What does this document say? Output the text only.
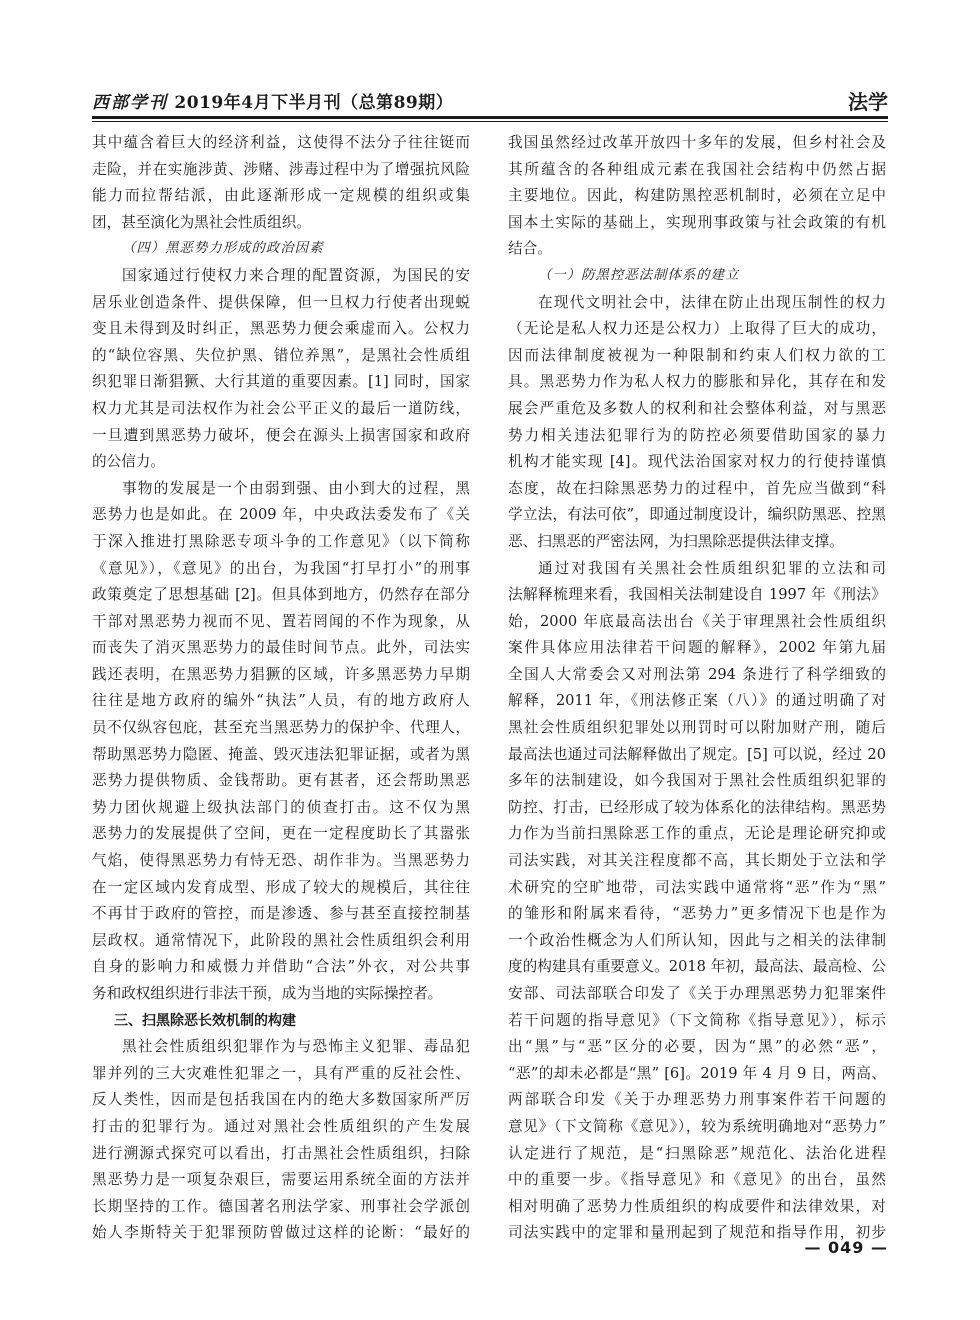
西部学刊 2019年4月下半月刊（总第89期）	法学
其中蕴含着巨大的经济利益，这使得不法分子往往铤而
走险，并在实施涉黄、涉赌、涉毒过程中为了增强抗风险
能力而拉帮结派，由此逐渐形成一定规模的组织或集
团，甚至演化为黑社会性质组织。
（四）黑恶势力形成的政治因素
国家通过行使权力来合理的配置资源，为国民的安
居乐业创造条件、提供保障，但一旦权力行使者出现蜕
变且未得到及时纠正，黑恶势力便会乘虚而入。公权力
的“缺位容黑、失位护黑、错位养黑”，是黑社会性质组
织犯罪日渐猖獗、大行其道的重要因素。[1] 同时，国家
权力尤其是司法权作为社会公平正义的最后一道防线，
一旦遭到黑恶势力破坏，便会在源头上损害国家和政府
的公信力。
事物的发展是一个由弱到强、由小到大的过程，黑
恶势力也是如此。在 2009 年，中央政法委发布了《关
于深入推进打黑除恶专项斗争的工作意见》（以下简称
《意见》），《意见》的出台，为我国“打早打小”的刑事
政策奠定了思想基础 [2]。但具体到地方，仍然存在部分
干部对黑恶势力视而不见、置若罔闻的不作为现象，从
而丧失了消灭黑恶势力的最佳时间节点。此外，司法实
践还表明，在黑恶势力猖獗的区域，许多黑恶势力早期
往往是地方政府的编外“执法”人员，有的地方政府人
员不仅纵容包庇，甚至充当黑恶势力的保护伞、代理人，
帮助黑恶势力隐匿、掩盖、毁灭违法犯罪证据，或者为黑
恶势力提供物质、金钱帮助。更有甚者，还会帮助黑恶
势力团伙规避上级执法部门的侦查打击。这不仅为黑
恶势力的发展提供了空间，更在一定程度助长了其嚣张
气焰，使得黑恶势力有恃无恐、胡作非为。当黑恶势力
在一定区域内发育成型、形成了较大的规模后，其往往
不再甘于政府的管控，而是渗透、参与甚至直接控制基
层政权。通常情况下，此阶段的黑社会性质组织会利用
自身的影响力和威慑力并借助“合法”外衣，对公共事
务和政权组织进行非法干预，成为当地的实际操控者。
三、扫黑除恶长效机制的构建
黑社会性质组织犯罪作为与恐怖主义犯罪、毒品犯
罪并列的三大灾难性犯罪之一，具有严重的反社会性、
反人类性，因而是包括我国在内的绝大多数国家所严厉
打击的犯罪行为。通过对黑社会性质组织的产生发展
进行溯源式探究可以看出，打击黑社会性质组织，扫除
黑恶势力是一项复杂艰巨，需要运用系统全面的方法并
长期坚持的工作。德国著名刑法学家、刑事社会学派创
始人李斯特关于犯罪预防曾做过这样的论断：“最好的
我国虽然经过改革开放四十多年的发展，但乡村社会及
其所蕴含的各种组成元素在我国社会结构中仍然占据
主要地位。因此，构建防黑控恶机制时，必须在立足中
国本土实际的基础上，实现刑事政策与社会政策的有机
结合。
（一）防黑控恶法制体系的建立
在现代文明社会中，法律在防止出现压制性的权力
（无论是私人权力还是公权力）上取得了巨大的成功，
因而法律制度被视为一种限制和约束人们权力欲的工
具。黑恶势力作为私人权力的膨胀和异化，其存在和发
展会严重危及多数人的权利和社会整体利益，对与黑恶
势力相关违法犯罪行为的防控必须要借助国家的暴力
机构才能实现 [4]。现代法治国家对权力的行使持谨慎
态度，故在扫除黑恶势力的过程中，首先应当做到“科
学立法，有法可依”，即通过制度设计，编织防黑恶、控黑
恶、扫黑恶的严密法网，为扫黑除恶提供法律支撑。
通过对我国有关黑社会性质组织犯罪的立法和司
法解释梳理来看，我国相关法制建设自 1997 年《刑法》
始，2000 年底最高法出台《关于审理黑社会性质组织
案件具体应用法律若干问题的解释》，2002 年第九届
全国人大常委会又对刑法第 294 条进行了科学细致的
解释，2011 年，《刑法修正案（八）》的通过明确了对
黑社会性质组织犯罪处以刑罚时可以附加财产刑，随后
最高法也通过司法解释做出了规定。[5] 可以说，经过 20
多年的法制建设，如今我国对于黑社会性质组织犯罪的
防控、打击，已经形成了较为体系化的法律结构。黑恶势
力作为当前扫黑除恶工作的重点，无论是理论研究抑或
司法实践，对其关注程度都不高，其长期处于立法和学
术研究的空旷地带，司法实践中通常将“恶”作为“黑”
的雏形和附属来看待，“恶势力”更多情况下也是作为
一个政治性概念为人们所认知，因此与之相关的法律制
度的构建具有重要意义。2018 年初，最高法、最高检、公
安部、司法部联合印发了《关于办理黑恶势力犯罪案件
若干问题的指导意见》（下文简称《指导意见》），标示
出“黑”与“恶”区分的必要，因为“黑”的必然“恶”，
“恶”的却未必都是“黑” [6]。2019 年 4 月 9 日，两高、
两部联合印发《关于办理恶势力刑事案件若干问题的
意见》（下文简称《意见》），较为系统明确地对“恶势力”
认定进行了规范，是“扫黑除恶”规范化、法治化进程
中的重要一步。《指导意见》和《意见》的出台，虽然
相对明确了恶势力性质组织的构成要件和法律效果，对
司法实践中的定罪和量刑起到了规范和指导作用，初步
— 049 —
